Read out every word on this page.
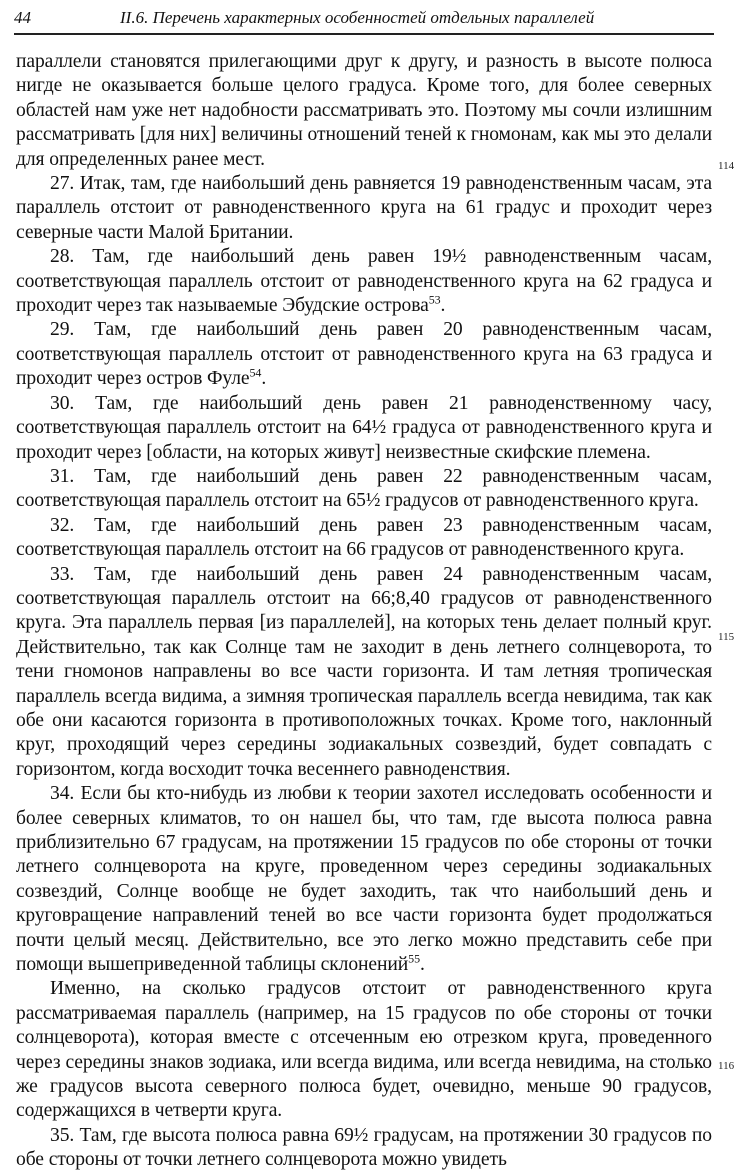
44	II.6. Перечень характерных особенностей отдельных параллелей

параллели становятся прилегающими друг к другу, и разность в высоте полюса нигде не оказывается больше целого градуса. Кроме того, для более северных областей нам уже нет надобности рассматривать это. Поэтому мы сочли излишним рассматривать [для них] величины отношений теней к гномонам, как мы это делали для определенных ранее мест.

27. Итак, там, где наибольший день равняется 19 равноденственным часам, эта параллель отстоит от равноденственного круга на 61 градус и проходит через северные части Малой Британии.

28. Там, где наибольший день равен 19½ равноденственным часам, соответствующая параллель отстоит от равноденственного круга на 62 градуса и проходит через так называемые Эбудские острова$^{53}$.

29. Там, где наибольший день равен 20 равноденственным часам, соответствующая параллель отстоит от равноденственного круга на 63 градуса и проходит через остров Фуле$^{54}$.

30. Там, где наибольший день равен 21 равноденственному часу, соответствующая параллель отстоит на 64½ градуса от равноденственного круга и проходит через [области, на которых живут] неизвестные скифские племена.

31. Там, где наибольший день равен 22 равноденственным часам, соответствующая параллель отстоит на 65½ градусов от равноденственного круга.

32. Там, где наибольший день равен 23 равноденственным часам, соответствующая параллель отстоит на 66 градусов от равноденственного круга.

33. Там, где наибольший день равен 24 равноденственным часам, соответствующая параллель отстоит на 66;8,40 градусов от равноденственного круга. Эта параллель первая [из параллелей], на которых тень делает полный круг. Действительно, так как Солнце там не заходит в день летнего солнцеворота, то тени гномонов направлены во все части горизонта. И там летняя тропическая параллель всегда видима, а зимняя тропическая параллель всегда невидима, так как обе они касаются горизонта в противоположных точках. Кроме того, наклонный круг, проходящий через середины зодиакальных созвездий, будет совпадать с горизонтом, когда восходит точка весеннего равноденствия.

34. Если бы кто-нибудь из любви к теории захотел исследовать особенности и более северных климатов, то он нашел бы, что там, где высота полюса равна приблизительно 67 градусам, на протяжении 15 градусов по обе стороны от точки летнего солнцеворота на круге, проведенном через середины зодиакальных созвездий, Солнце вообще не будет заходить, так что наибольший день и круговращение направлений теней во все части горизонта будет продолжаться почти целый месяц. Действительно, все это легко можно представить себе при помощи вышеприведенной таблицы склонений$^{55}$.

Именно, на сколько градусов отстоит от равноденственного круга рассматриваемая параллель (например, на 15 градусов по обе стороны от точки солнцеворота), которая вместе с отсеченным ею отрезком круга, проведенного через середины знаков зодиака, или всегда видима, или всегда невидима, на столько же градусов высота северного полюса будет, очевидно, меньше 90 градусов, содержащихся в четверти круга.

35. Там, где высота полюса равна 69½ градусам, на протяжении 30 градусов по обе стороны от точки летнего солнцеворота можно увидеть

114
115
116
